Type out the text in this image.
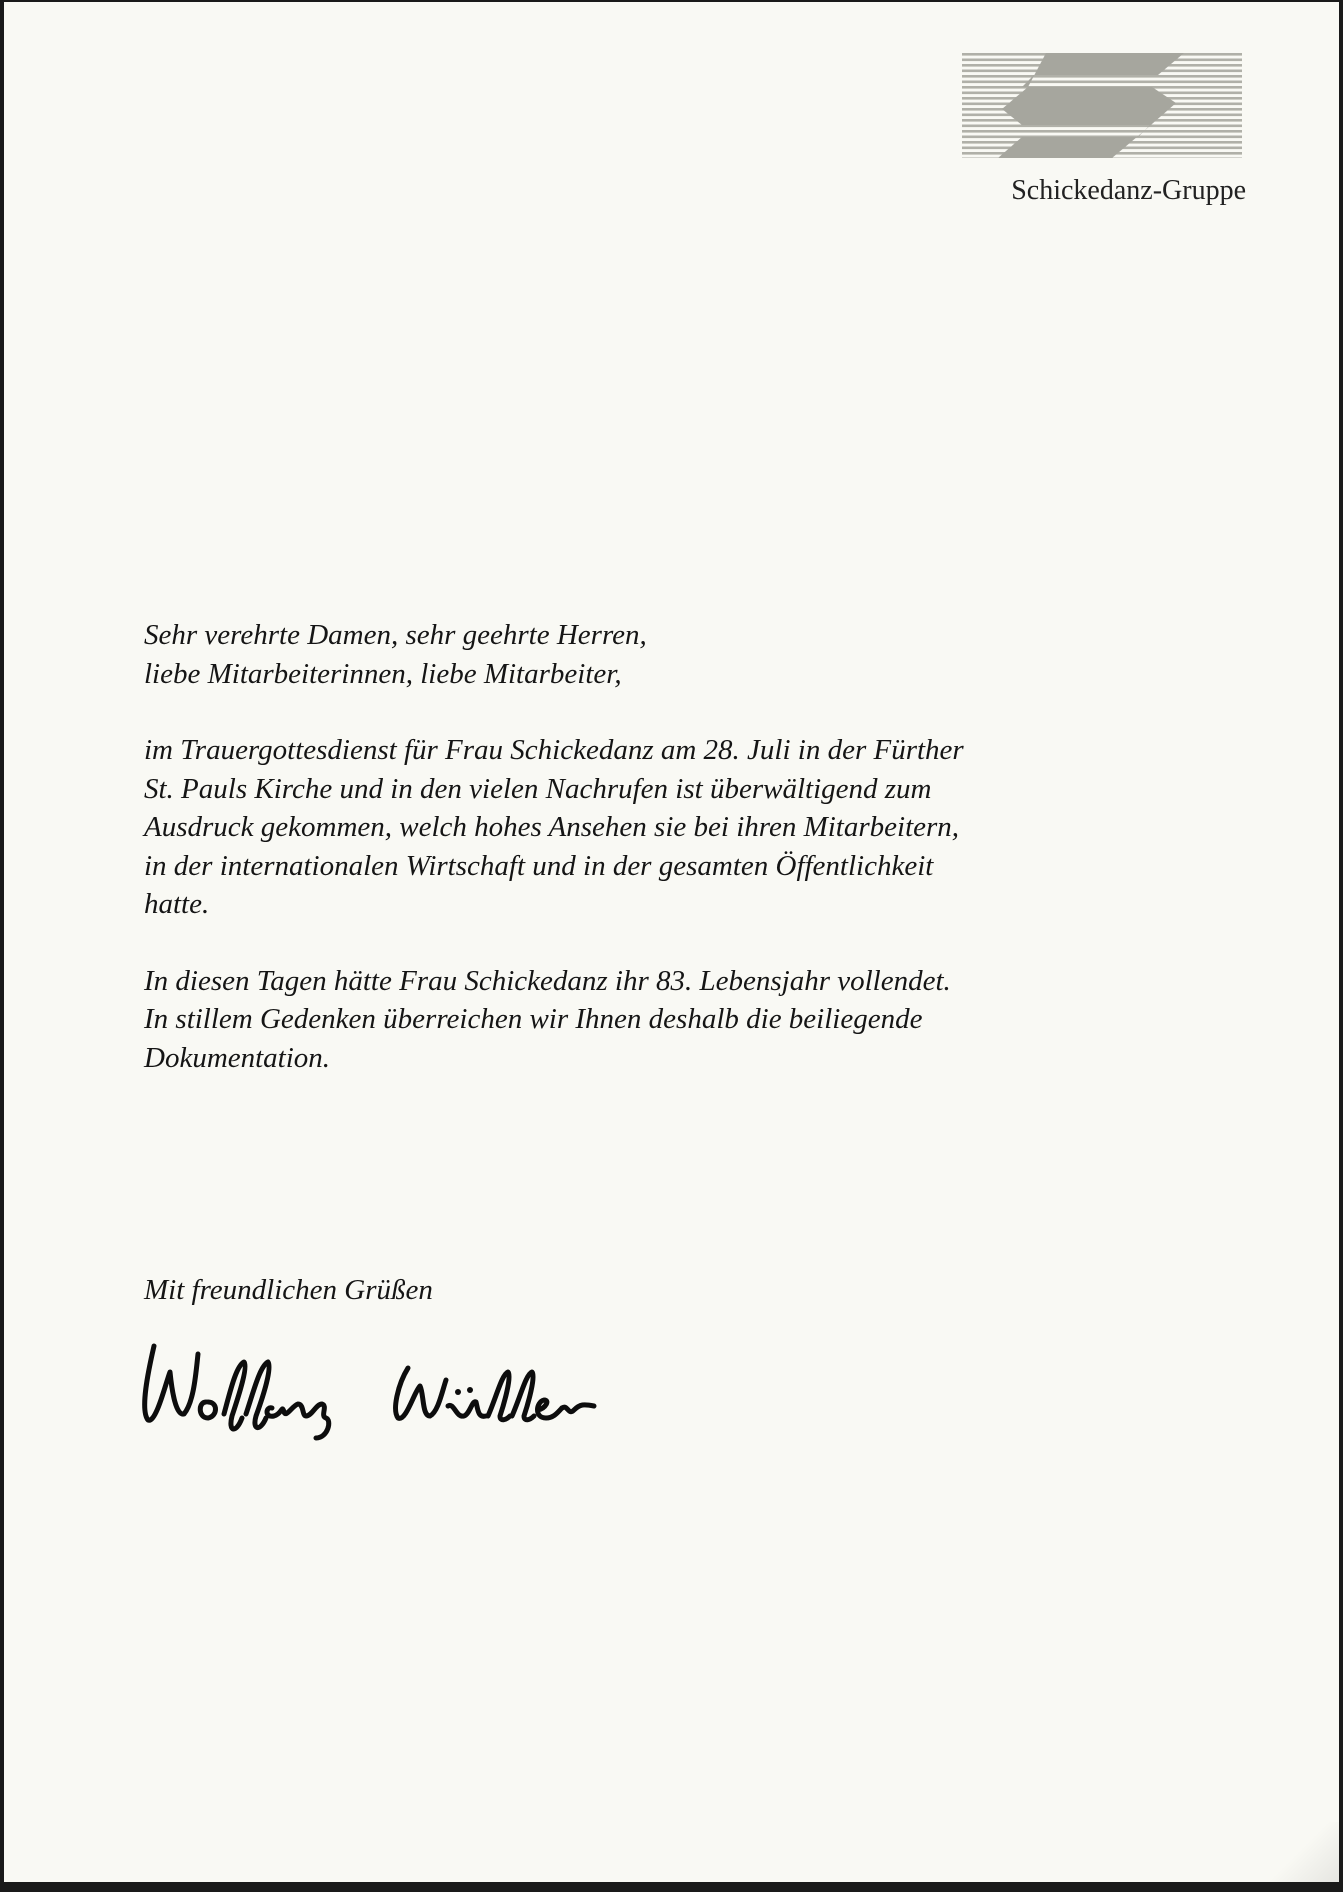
Schickedanz-Gruppe

Sehr verehrte Damen, sehr geehrte Herren,
liebe Mitarbeiterinnen, liebe Mitarbeiter,

im Trauergottesdienst für Frau Schickedanz am 28. Juli in der Fürther
St. Pauls Kirche und in den vielen Nachrufen ist überwältigend zum
Ausdruck gekommen, welch hohes Ansehen sie bei ihren Mitarbeitern,
in der internationalen Wirtschaft und in der gesamten Öffentlichkeit
hatte.

In diesen Tagen hätte Frau Schickedanz ihr 83. Lebensjahr vollendet.
In stillem Gedenken überreichen wir Ihnen deshalb die beiliegende
Dokumentation.

Mit freundlichen Grüßen
